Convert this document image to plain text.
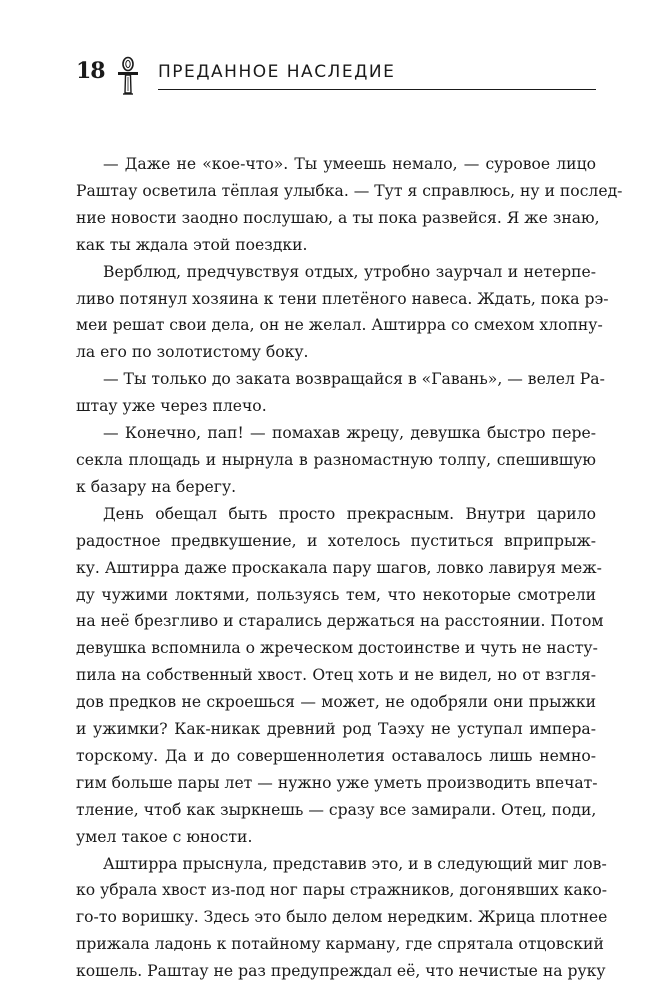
18	ПРЕДАННОЕ НАСЛЕДИЕ

— Даже не «кое-что». Ты умеешь немало, — суровое лицо
Раштау осветила тёплая улыбка. — Тут я справлюсь, ну и послед-
ние новости заодно послушаю, а ты пока развейся. Я же знаю,
как ты ждала этой поездки.

Верблюд, предчувствуя отдых, утробно заурчал и нетерпе-
ливо потянул хозяина к тени плетёного навеса. Ждать, пока рэ-
меи решат свои дела, он не желал. Аштирра со смехом хлопну-
ла его по золотистому боку.

— Ты только до заката возвращайся в «Гавань», — велел Ра-
штау уже через плечо.

— Конечно, пап! — помахав жрецу, девушка быстро пере-
секла площадь и нырнула в разномастную толпу, спешившую
к базару на берегу.

День обещал быть просто прекрасным. Внутри царило
радостное предвкушение, и хотелось пуститься вприпрыж-
ку. Аштирра даже проскакала пару шагов, ловко лавируя меж-
ду чужими локтями, пользуясь тем, что некоторые смотрели
на неё брезгливо и старались держаться на расстоянии. Потом
девушка вспомнила о жреческом достоинстве и чуть не насту-
пила на собственный хвост. Отец хоть и не видел, но от взгля-
дов предков не скроешься — может, не одобряли они прыжки
и ужимки? Как-никак древний род Таэху не уступал импера-
торскому. Да и до совершеннолетия оставалось лишь немно-
гим больше пары лет — нужно уже уметь производить впечат-
тление, чтоб как зыркнешь — сразу все замирали. Отец, поди,
умел такое с юности.

Аштирра прыснула, представив это, и в следующий миг лов-
ко убрала хвост из-под ног пары стражников, догонявших како-
го-то воришку. Здесь это было делом нередким. Жрица плотнее
прижала ладонь к потайному карману, где спрятала отцовский
кошель. Раштау не раз предупреждал её, что нечистые на руку
